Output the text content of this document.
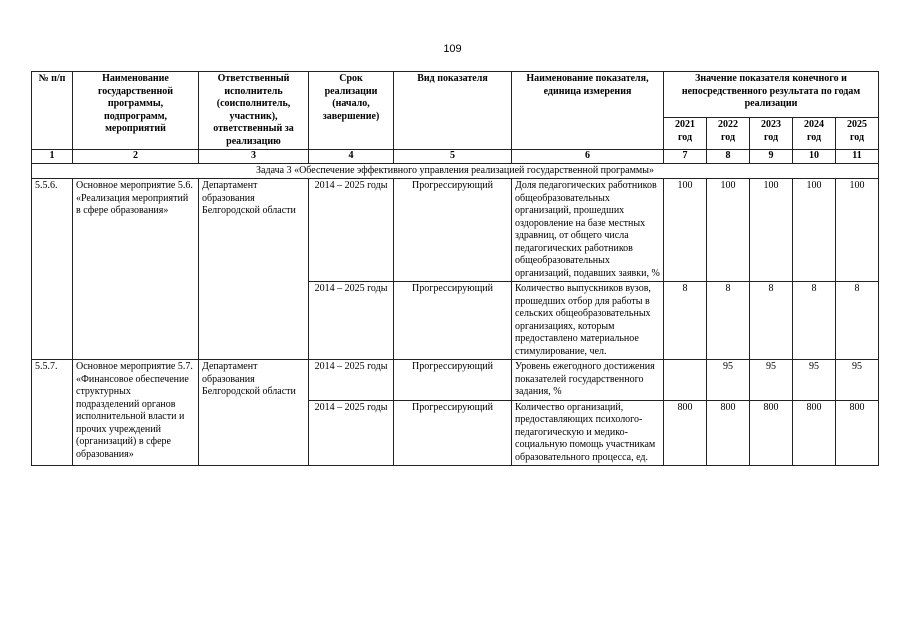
109
№ п/п	Наименование государственной программы, подпрограмм, мероприятий	Ответственный исполнитель (соисполнитель, участник), ответственный за реализацию	Срок реализации (начало, завершение)	Вид показателя	Наименование показателя, единица измерения	Значение показателя конечного и непосредственного результата по годам реализации				
						2021 год	2022 год	2023 год	2024 год	2025 год
1	2	3	4	5	6	7	8	9	10	11
Задача 3 «Обеспечение эффективного управления реализацией государственной программы»										
5.5.6.	Основное мероприятие 5.6. «Реализация мероприятий в сфере образования»	Департамент образования Белгородской области	2014 – 2025 годы	Прогрессирующий	Доля педагогических работников общеобразовательных организаций, прошедших оздоровление на базе местных здравниц, от общего числа педагогических работников общеобразовательных организаций, подавших заявки, %	100	100	100	100	100
			2014 – 2025 годы	Прогрессирующий	Количество выпускников вузов, прошедших отбор для работы в сельских общеобразовательных организациях, которым предоставлено материальное стимулирование, чел.	8	8	8	8	8
5.5.7.	Основное мероприятие 5.7. «Финансовое обеспечение структурных подразделений органов исполнительной власти и прочих учреждений (организаций) в сфере образования»	Департамент образования Белгородской области	2014 – 2025 годы	Прогрессирующий	Уровень ежегодного достижения показателей государственного задания, %		95	95	95	95
			2014 – 2025 годы	Прогрессирующий	Количество организаций, предоставляющих психолого-педагогическую и медико-социальную помощь участникам образовательного процесса, ед.	800	800	800	800	800
